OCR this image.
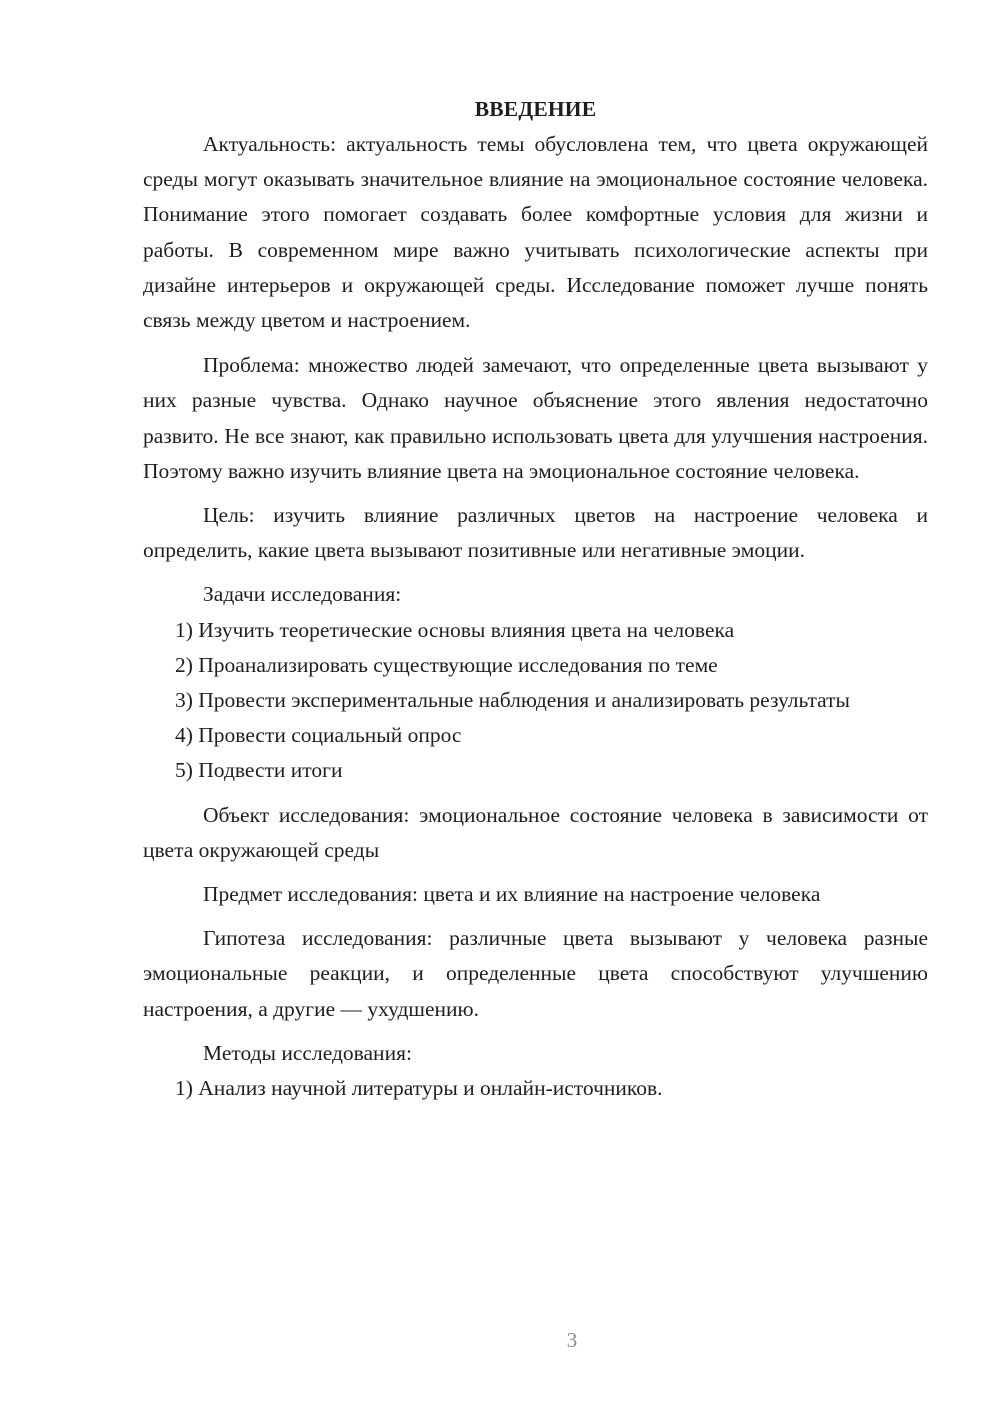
ВВЕДЕНИЕ

Актуальность: актуальность темы обусловлена тем, что цвета окружающей среды могут оказывать значительное влияние на эмоциональное состояние человека. Понимание этого помогает создавать более комфортные условия для жизни и работы. В современном мире важно учитывать психологические аспекты при дизайне интерьеров и окружающей среды. Исследование поможет лучше понять связь между цветом и настроением.

Проблема: множество людей замечают, что определенные цвета вызывают у них разные чувства. Однако научное объяснение этого явления недостаточно развито. Не все знают, как правильно использовать цвета для улучшения настроения. Поэтому важно изучить влияние цвета на эмоциональное состояние человека.

Цель: изучить влияние различных цветов на настроение человека и определить, какие цвета вызывают позитивные или негативные эмоции.

Задачи исследования:

1) Изучить теоретические основы влияния цвета на человека

2) Проанализировать существующие исследования по теме

3) Провести экспериментальные наблюдения и анализировать результаты

4) Провести социальный опрос

5) Подвести итоги

Объект исследования: эмоциональное состояние человека в зависимости от цвета окружающей среды

Предмет исследования: цвета и их влияние на настроение человека

Гипотеза исследования: различные цвета вызывают у человека разные эмоциональные реакции, и определенные цвета способствуют улучшению настроения, а другие — ухудшению.

Методы исследования:

1) Анализ научной литературы и онлайн-источников.

3
